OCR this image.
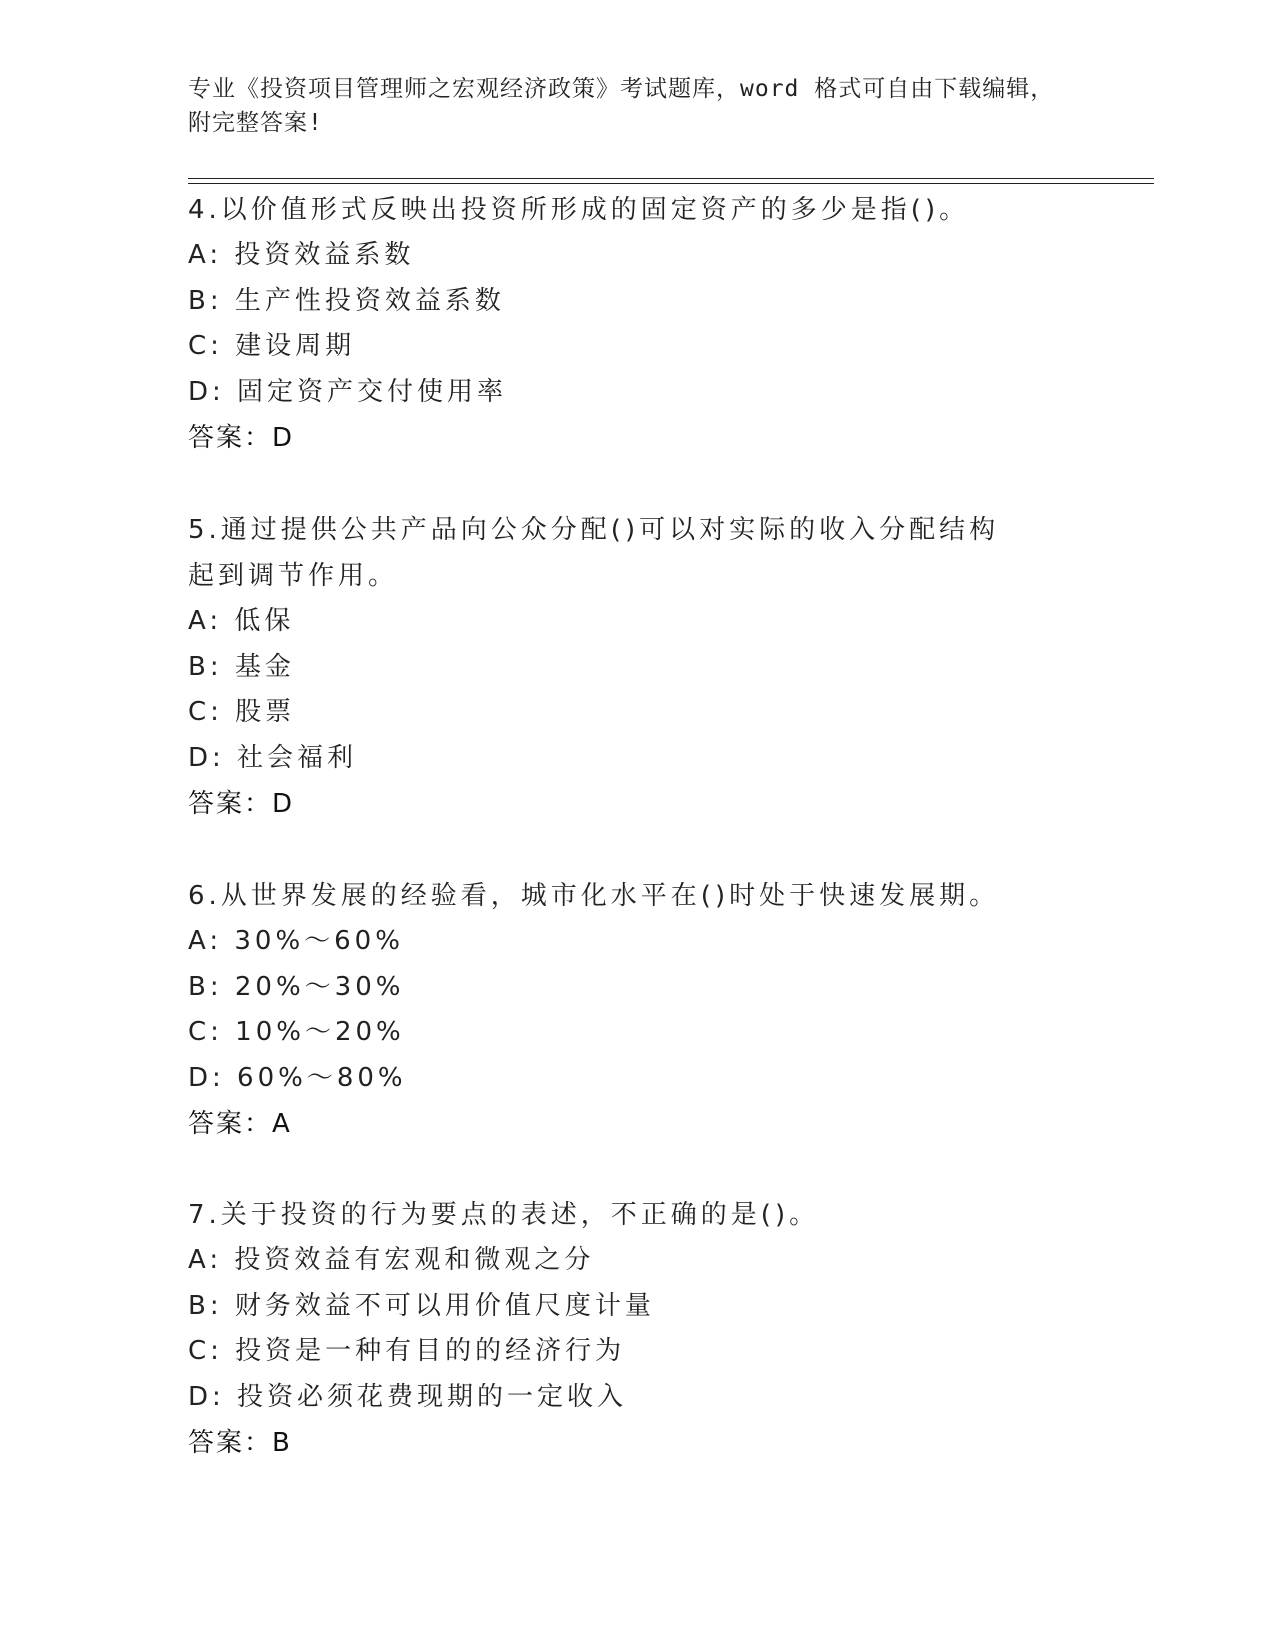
专业《投资项目管理师之宏观经济政策》考试题库，word 格式可自由下载编辑，
附完整答案!
4.以价值形式反映出投资所形成的固定资产的多少是指()。
A: 投资效益系数
B: 生产性投资效益系数
C: 建设周期
D: 固定资产交付使用率
答案：D
5.通过提供公共产品向公众分配()可以对实际的收入分配结构起到调节作用。
A: 低保
B: 基金
C: 股票
D: 社会福利
答案：D
6.从世界发展的经验看，城市化水平在()时处于快速发展期。
A: 30%～60%
B: 20%～30%
C: 10%～20%
D: 60%～80%
答案：A
7.关于投资的行为要点的表述，不正确的是()。
A: 投资效益有宏观和微观之分
B: 财务效益不可以用价值尺度计量
C: 投资是一种有目的的经济行为
D: 投资必须花费现期的一定收入
答案：B
